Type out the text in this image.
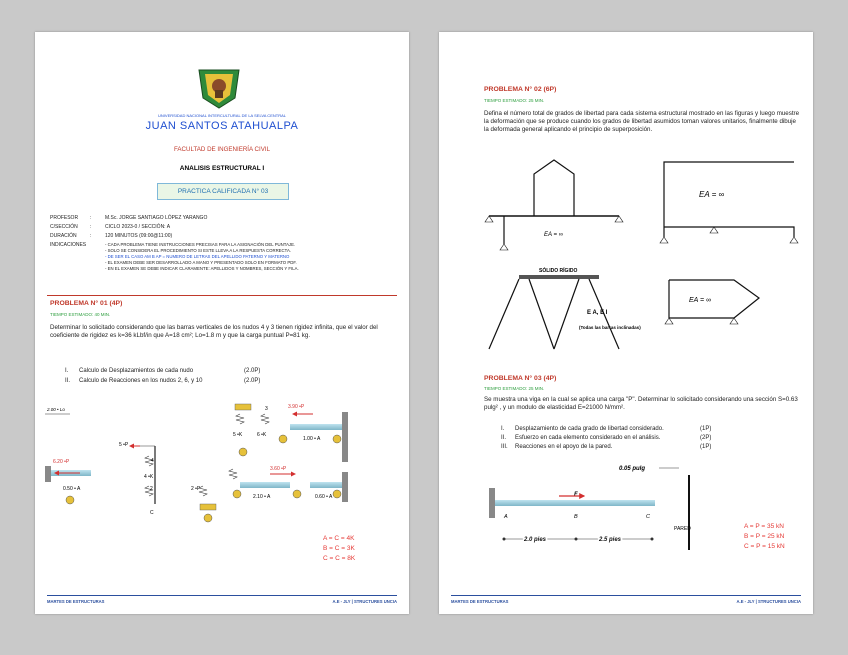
UNIVERSIDAD NACIONAL INTERCULTURAL DE LA SELVA CENTRAL

JUAN SANTOS ATAHUALPA

FACULTAD DE INGENIERÍA CIVIL

ANALISIS ESTRUCTURAL I

PRACTICA CALIFICADA N° 03

PROFESOR	:	M.Sc. JORGE SANTIAGO LÓPEZ YARANGO
C/SECCIÓN	:	CICLO 2023-0 / SECCIÓN: A
DURACIÓN	:	120 MINUTOS (09:00@11:00)
INDICACIONES	- CADA PROBLEMA TIENE INSTRUCCIONES PRECISAS PARA LA ASIGNACIÓN DEL PUNTAJE.
- SOLO SE CONSIDERA EL PROCEDIMIENTO SI ESTE LLEVA A LA RESPUESTA CORRECTA.
- DE SER EL CASO AM B AP = NUMERO DE LETRAS DEL APELLIDO PATERNO Y MATERNO
- EL EXAMEN DEBE SER DESARROLLADO A MANO Y PRESENTADO SOLO EN FORMATO PDF.
- EN EL EXAMEN SE DEBE INDICAR CLARAMENTE: APELLIDOS Y NOMBRES, SECCIÓN Y FILA.

PROBLEMA N° 01 (4P)

TIEMPO ESTIMADO: 40 MIN.

Determinar lo solicitado considerando que las barras verticales de los nudos 4 y 3 tienen rigidez infinita, que el valor del coeficiente de rigidez es k=36 kLbf/in que A=18 cm²; Lo=1.8 m y que la carga puntual P=81 kg.

I.	Calculo de Desplazamientos de cada nudo	(2.0P)
II.	Calculo de Reacciones en los nudos 2, 6, y 10	(2.0P)
2.00 • Lo
0.50 • A
6.20 •P	4
4 •K
5 •P
C
2	2 •P
5 •K	6 •K
3
1.00 • A
3.90 •P
2.10 • A
3.60 •P
0.60 • A
A = C = 4K
B = C = 3K
C = C = 8K
MARTES DE ESTRUCTURAS	A.E - JLY | STRUCTURES UNCIA

PROBLEMA N° 02 (6P)

TIEMPO ESTIMADO: 25 MIN.

Defina el número total de grados de libertad para cada sistema estructural mostrado en las figuras y luego muestre la deformación que se produce cuando los grados de libertad asumidos toman valores unitarios, finalmente dibuje la deformada general aplicando el principio de superposición.

EA = ∞
EA = ∞
SÓLIDO RÍGIDO
E A, E I
(Todas las barras inclinadas)
EA = ∞

PROBLEMA N° 03 (4P)

TIEMPO ESTIMADO: 25 MIN.

Se muestra una viga en la cual se aplica una carga "P". Determinar lo solicitado considerando una sección S=0.63 pulg² , y un modulo de elasticidad E=21000 N/mm².

I.	Desplazamiento de cada grado de libertad considerado.	(1P)
II.	Esfuerzo en cada elemento considerado en el análisis.	(2P)
III.	Reacciones en el apoyo de la pared.	(1P)
0.05 pulg
F
A	B	C
PARED
2.0 pies	2.5 pies
A = P = 35 kN
B = P = 25 kN
C = P = 15 kN
MARTES DE ESTRUCTURAS	A.E - JLY | STRUCTURES UNCIA
